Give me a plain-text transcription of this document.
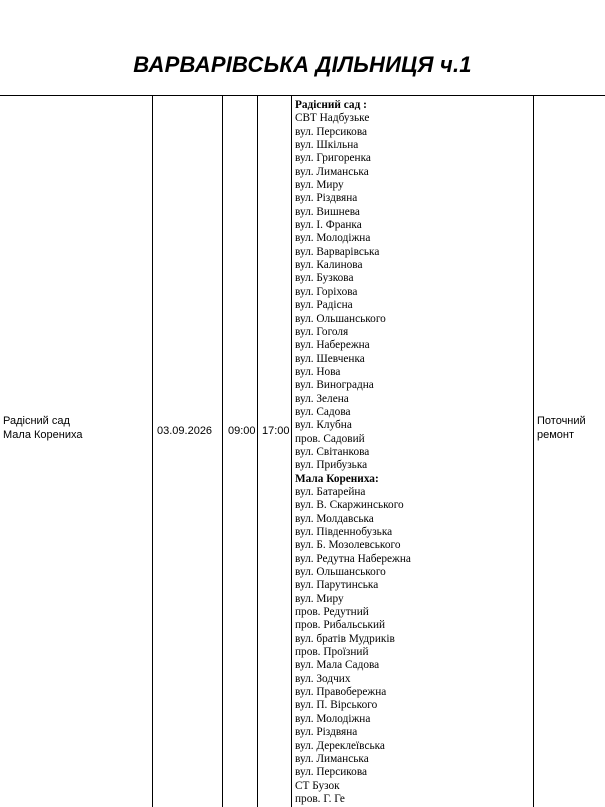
ВАРВАРІВСЬКА ДІЛЬНИЦЯ ч.1
Радісний сад
Мала Корениха	03.09.2026 09:00 17:00
Радісний сад :
СВТ Надбузьке
вул. Персикова
вул. Шкільна
вул. Григоренка
вул. Лиманська
вул. Миру
вул. Різдвяна
вул. Вишнева
вул. І. Франка
вул. Молодіжна
вул. Варварівська
вул. Калинова
вул. Бузкова
вул. Горіхова
вул. Радісна
вул. Ольшанського
вул. Гоголя
вул. Набережна
вул. Шевченка
вул. Нова
вул. Виноградна
вул. Зелена
вул. Садова
вул. Клубна
пров. Садовий
вул. Світанкова
вул. Прибузька
Мала Корениха:
вул. Батарейна
вул. В. Скаржинського
вул. Молдавська
вул. Південнобузька
вул. Б. Мозолевського
вул. Редутна Набережна
вул. Ольшанського
вул. Парутинська
вул. Миру
пров. Редутний
пров. Рибальський
вул. братів Мудриків
пров. Проїзний
вул. Мала Садова
вул. Зодчих
вул. Правобережна
вул. П. Вірського
вул. Молодіжна
вул. Різдвяна
вул. Дереклеївська
вул. Лиманська
вул. Персикова
СТ Бузок
пров. Г. Ге
Поточний
ремонт
